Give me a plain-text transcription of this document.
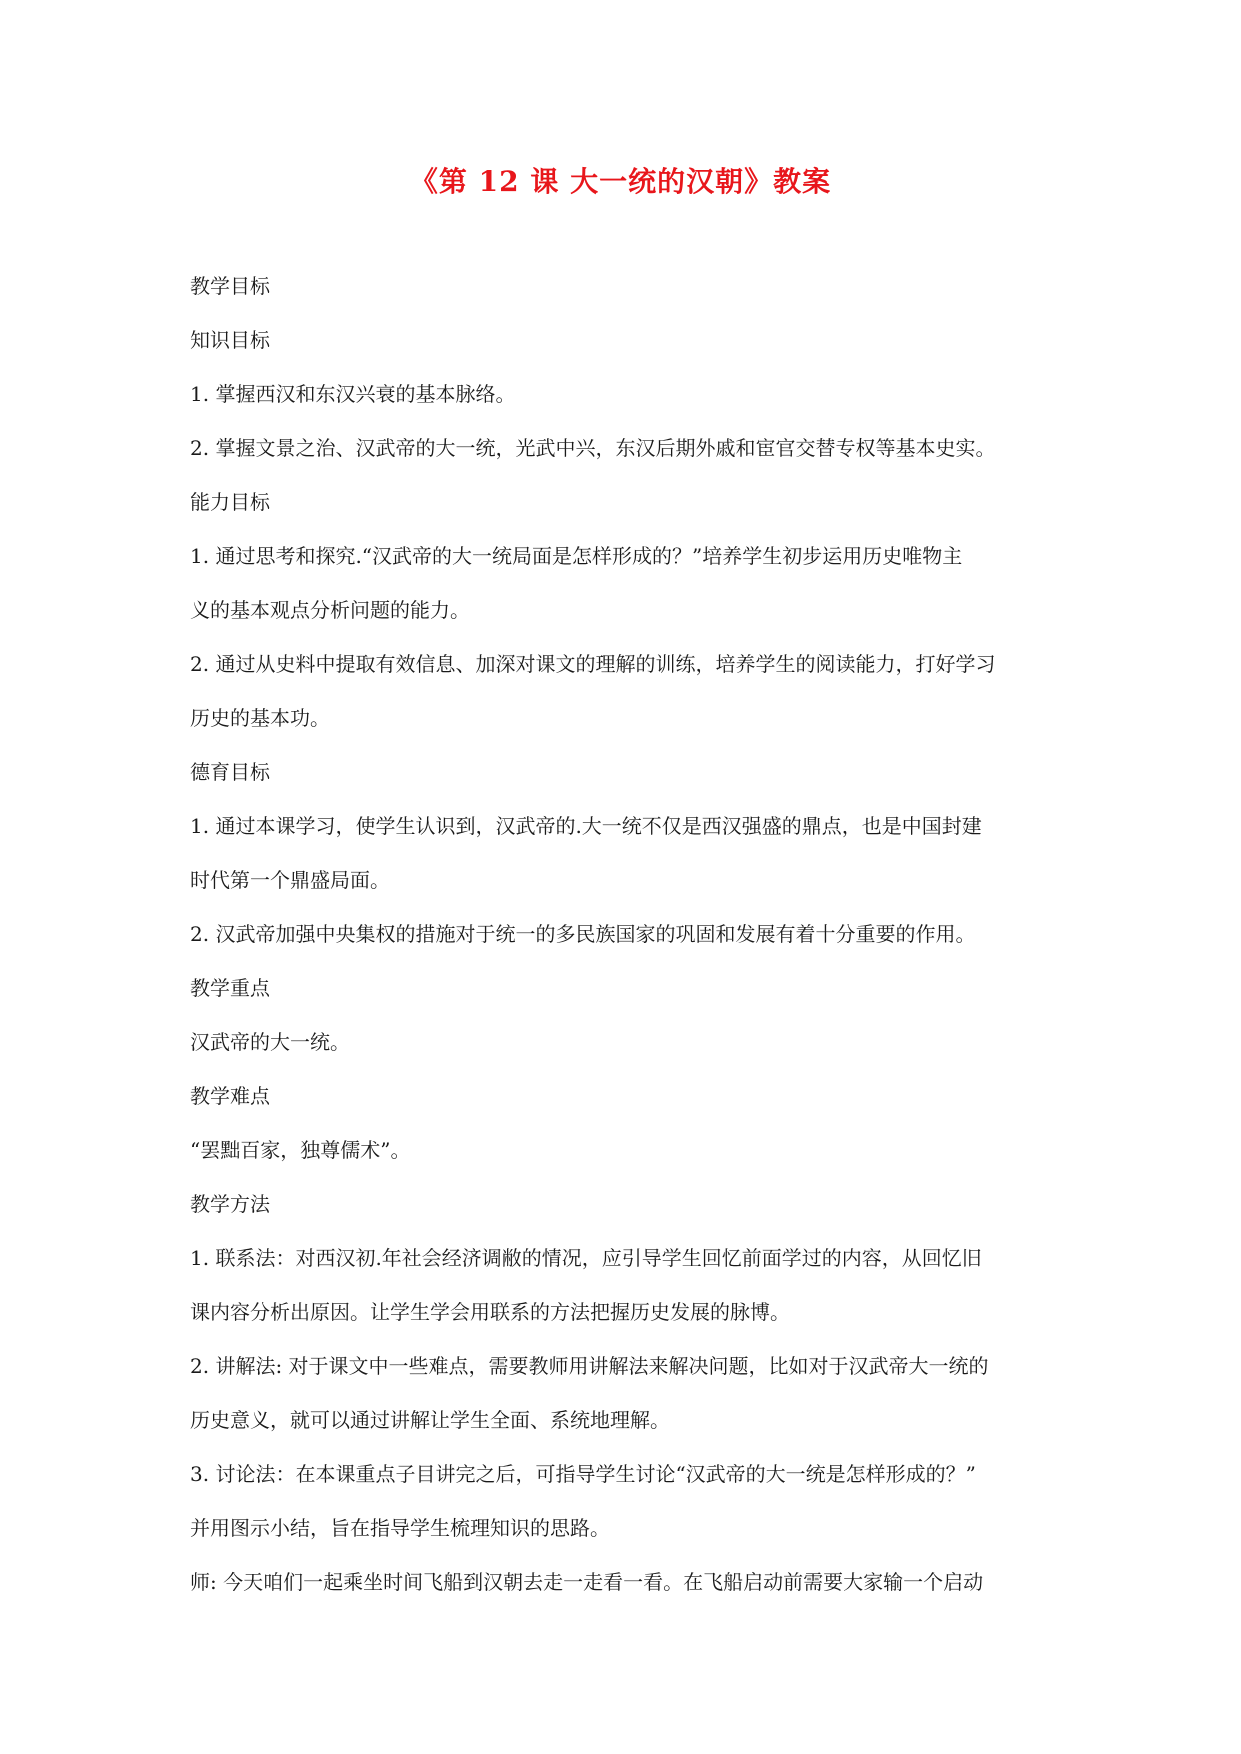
《第 12 课 大一统的汉朝》教案
教学目标
知识目标
1. 掌握西汉和东汉兴衰的基本脉络。
2. 掌握文景之治、汉武帝的大一统，光武中兴，东汉后期外戚和宦官交替专权等基本史实。
能力目标
1. 通过思考和探究.“汉武帝的大一统局面是怎样形成的？”培养学生初步运用历史唯物主
义的基本观点分析问题的能力。
2. 通过从史料中提取有效信息、加深对课文的理解的训练，培养学生的阅读能力，打好学习
历史的基本功。
德育目标
1. 通过本课学习，使学生认识到，汉武帝的.大一统不仅是西汉强盛的鼎点，也是中国封建
时代第一个鼎盛局面。
2. 汉武帝加强中央集权的措施对于统一的多民族国家的巩固和发展有着十分重要的作用。
教学重点
汉武帝的大一统。
教学难点
“罢黜百家，独尊儒术”。
教学方法
1. 联系法：对西汉初.年社会经济调敝的情况，应引导学生回忆前面学过的内容，从回忆旧
课内容分析出原因。让学生学会用联系的方法把握历史发展的脉博。
2. 讲解法: 对于课文中一些难点，需要教师用讲解法来解决问题，比如对于汉武帝大一统的
历史意义，就可以通过讲解让学生全面、系统地理解。
3. 讨论法：在本课重点子目讲完之后，可指导学生讨论“汉武帝的大一统是怎样形成的？”
并用图示小结，旨在指导学生梳理知识的思路。
师: 今天咱们一起乘坐时间飞船到汉朝去走一走看一看。在飞船启动前需要大家输一个启动
